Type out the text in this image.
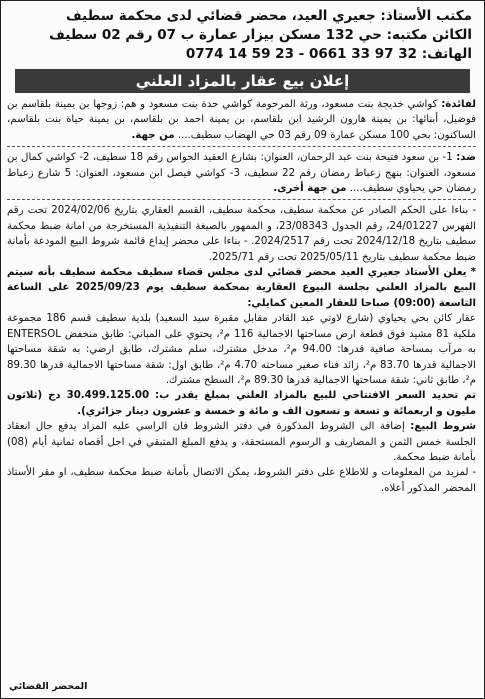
مكتب الأستاذ: جعيري العيد، محضر قضائي لدى محكمة سطيف
الكائن مكتبه: حي 132 مسكن بيزار عمارة ب 07 رقم 02 سطيف
الهاتف: 32 97 33 0661 - 23 59 14 0774
إعلان بيع عقار بالمزاد العلني

لفائدة: كواشي خديجة بنت مسعود، ورثة المرحومة كواشي حدة بنت مسعود و هم: زوجها بن يمينة بلقاسم بن فوضيل، أبنائها: بن يمينة هارون الرشيد ابن بلقاسم، بن يمينة احمد بن بلقاسم، بن يمينة حياة بنت بلقاسم، الساكنون: بحي 100 مسكن عمارة 09 رقم 03 حي الهضاب سطيف.... من جهة.

ضد: 1- بن سعود فتيحة بنت عبد الرحمان، العنوان: بشارع العقيد الحواس رقم 18 سطيف، 2- كواشي كمال بن مسعود، العنوان: بنهج زعباط رمضان رقم 22 سطيف، 3- كواشي فيصل ابن مسعود، العنوان: 5 شارع زعباط رمضان حي يحياوي سطيف.... من جهة أخرى.

- بناءا على الحكم الصادر عن محكمة سطيف، محكمة سطيف، القسم العقاري بتاريخ 2024/02/06 تحت رقم الفهرس 24/01227، رقم الجدول 23/08343، و الممهور بالصيغة التنفيذية المستخرجة من امانة ضبط محكمة سطيف بتاريخ 2024/12/18 تحت رقم 2024/2517. - بناءا على محضر إيداع قائمة شروط البيع المودعة بأمانة ضبط محكمة سطيف بتاريخ 2025/05/11 تحت رقم 2025/71.

* يعلن الأستاذ جعيري العيد محضر قضائي لدى مجلس قضاء سطيف محكمة سطيف بأنه سيتم البيع بالمزاد العلني بجلسة البيوع العقارية بمحكمة سطيف يوم 2025/09/23 على الساعة التاسعة (09:00) صباحا للعقار المعين كمايلي:

عقار كائن بحي يحياوي (شارع لاوتي عبد القادر مقابل مقبرة سيد السعيد) بلدية سطيف قسم 186 مجموعة ملكية 81 مشيد فوق قطعة ارض مساحتها الاجمالية 116 م²، يحتوي على المباني: طابق منخفض ENTERSOL به مرآب بمساحة صافية قدرها: 94.00 م²، مدخل مشترك، سلم مشترك، طابق ارضي: به شقة مساحتها الاجمالية قدرها 83.70 م²، زائد فناء صغير مساحته 4.70 م²، طابق اول: شقة مساحتها الاجمالية قدرها 89.30 م²، طابق ثاني: شقة مساحتها الاجمالية قدرها 89.30 م²، السطح مشترك.

تم تحديد السعر الافتتاحي للبيع بالمزاد العلني بمبلغ يقدر ب: 30.499.125.00 دج (ثلاثون مليون و اربعمائة و تسعة و تسعون الف و مائة و خمسة و عشرون دينار جزائري).

شروط البيع: إضافة الى الشروط المذكورة في دفتر الشروط فان الراسي عليه المزاد يدفع حال انعقاد الجلسة خمس الثمن و المصاريف و الرسوم المستحقة، و يدفع المبلغ المتبقي في اجل أقصاه ثمانية أيام (08) بأمانة ضبط محكمة.

- لمزيد من المعلومات و للاطلاع على دفتر الشروط، يمكن الاتصال بأمانة ضبط محكمة سطيف، او مقر الأستاذ المحضر المذكور أعلاه.

المحضر القضائي
